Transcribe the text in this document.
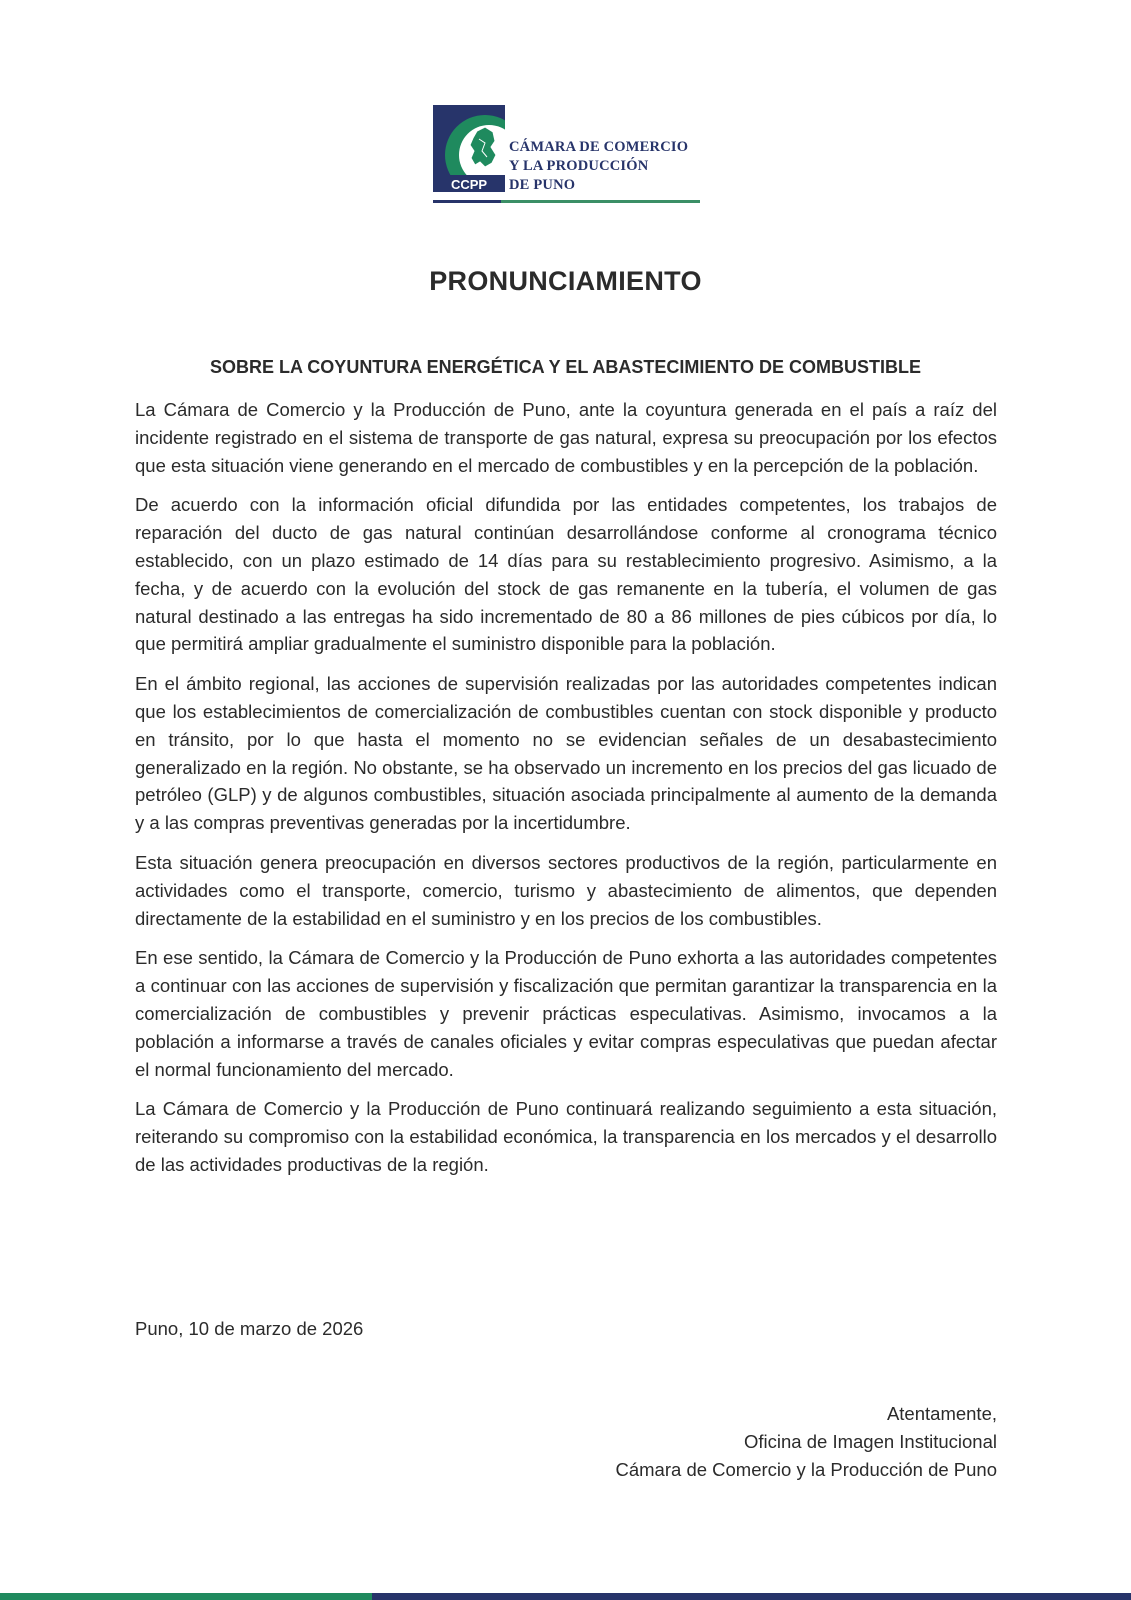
CCPP
CÁMARA DE COMERCIO
Y LA PRODUCCIÓN
DE PUNO
PRONUNCIAMIENTO
SOBRE LA COYUNTURA ENERGÉTICA Y EL ABASTECIMIENTO DE COMBUSTIBLE

La Cámara de Comercio y la Producción de Puno, ante la coyuntura generada en el país a raíz del incidente registrado en el sistema de transporte de gas natural, expresa su preocupación por los efectos que esta situación viene generando en el mercado de combustibles y en la percepción de la población.

De acuerdo con la información oficial difundida por las entidades competentes, los trabajos de reparación del ducto de gas natural continúan desarrollándose conforme al cronograma técnico establecido, con un plazo estimado de 14 días para su restablecimiento progresivo. Asimismo, a la fecha, y de acuerdo con la evolución del stock de gas remanente en la tubería, el volumen de gas natural destinado a las entregas ha sido incrementado de 80 a 86 millones de pies cúbicos por día, lo que permitirá ampliar gradualmente el suministro disponible para la población.

En el ámbito regional, las acciones de supervisión realizadas por las autoridades competentes indican que los establecimientos de comercialización de combustibles cuentan con stock disponible y producto en tránsito, por lo que hasta el momento no se evidencian señales de un desabastecimiento generalizado en la región. No obstante, se ha observado un incremento en los precios del gas licuado de petróleo (GLP) y de algunos combustibles, situación asociada principalmente al aumento de la demanda y a las compras preventivas generadas por la incertidumbre.

Esta situación genera preocupación en diversos sectores productivos de la región, particularmente en actividades como el transporte, comercio, turismo y abastecimiento de alimentos, que dependen directamente de la estabilidad en el suministro y en los precios de los combustibles.

En ese sentido, la Cámara de Comercio y la Producción de Puno exhorta a las autoridades competentes a continuar con las acciones de supervisión y fiscalización que permitan garantizar la transparencia en la comercialización de combustibles y prevenir prácticas especulativas. Asimismo, invocamos a la población a informarse a través de canales oficiales y evitar compras especulativas que puedan afectar el normal funcionamiento del mercado.

La Cámara de Comercio y la Producción de Puno continuará realizando seguimiento a esta situación, reiterando su compromiso con la estabilidad económica, la transparencia en los mercados y el desarrollo de las actividades productivas de la región.

Puno, 10 de marzo de 2026
Atentamente,
Oficina de Imagen Institucional
Cámara de Comercio y la Producción de Puno
